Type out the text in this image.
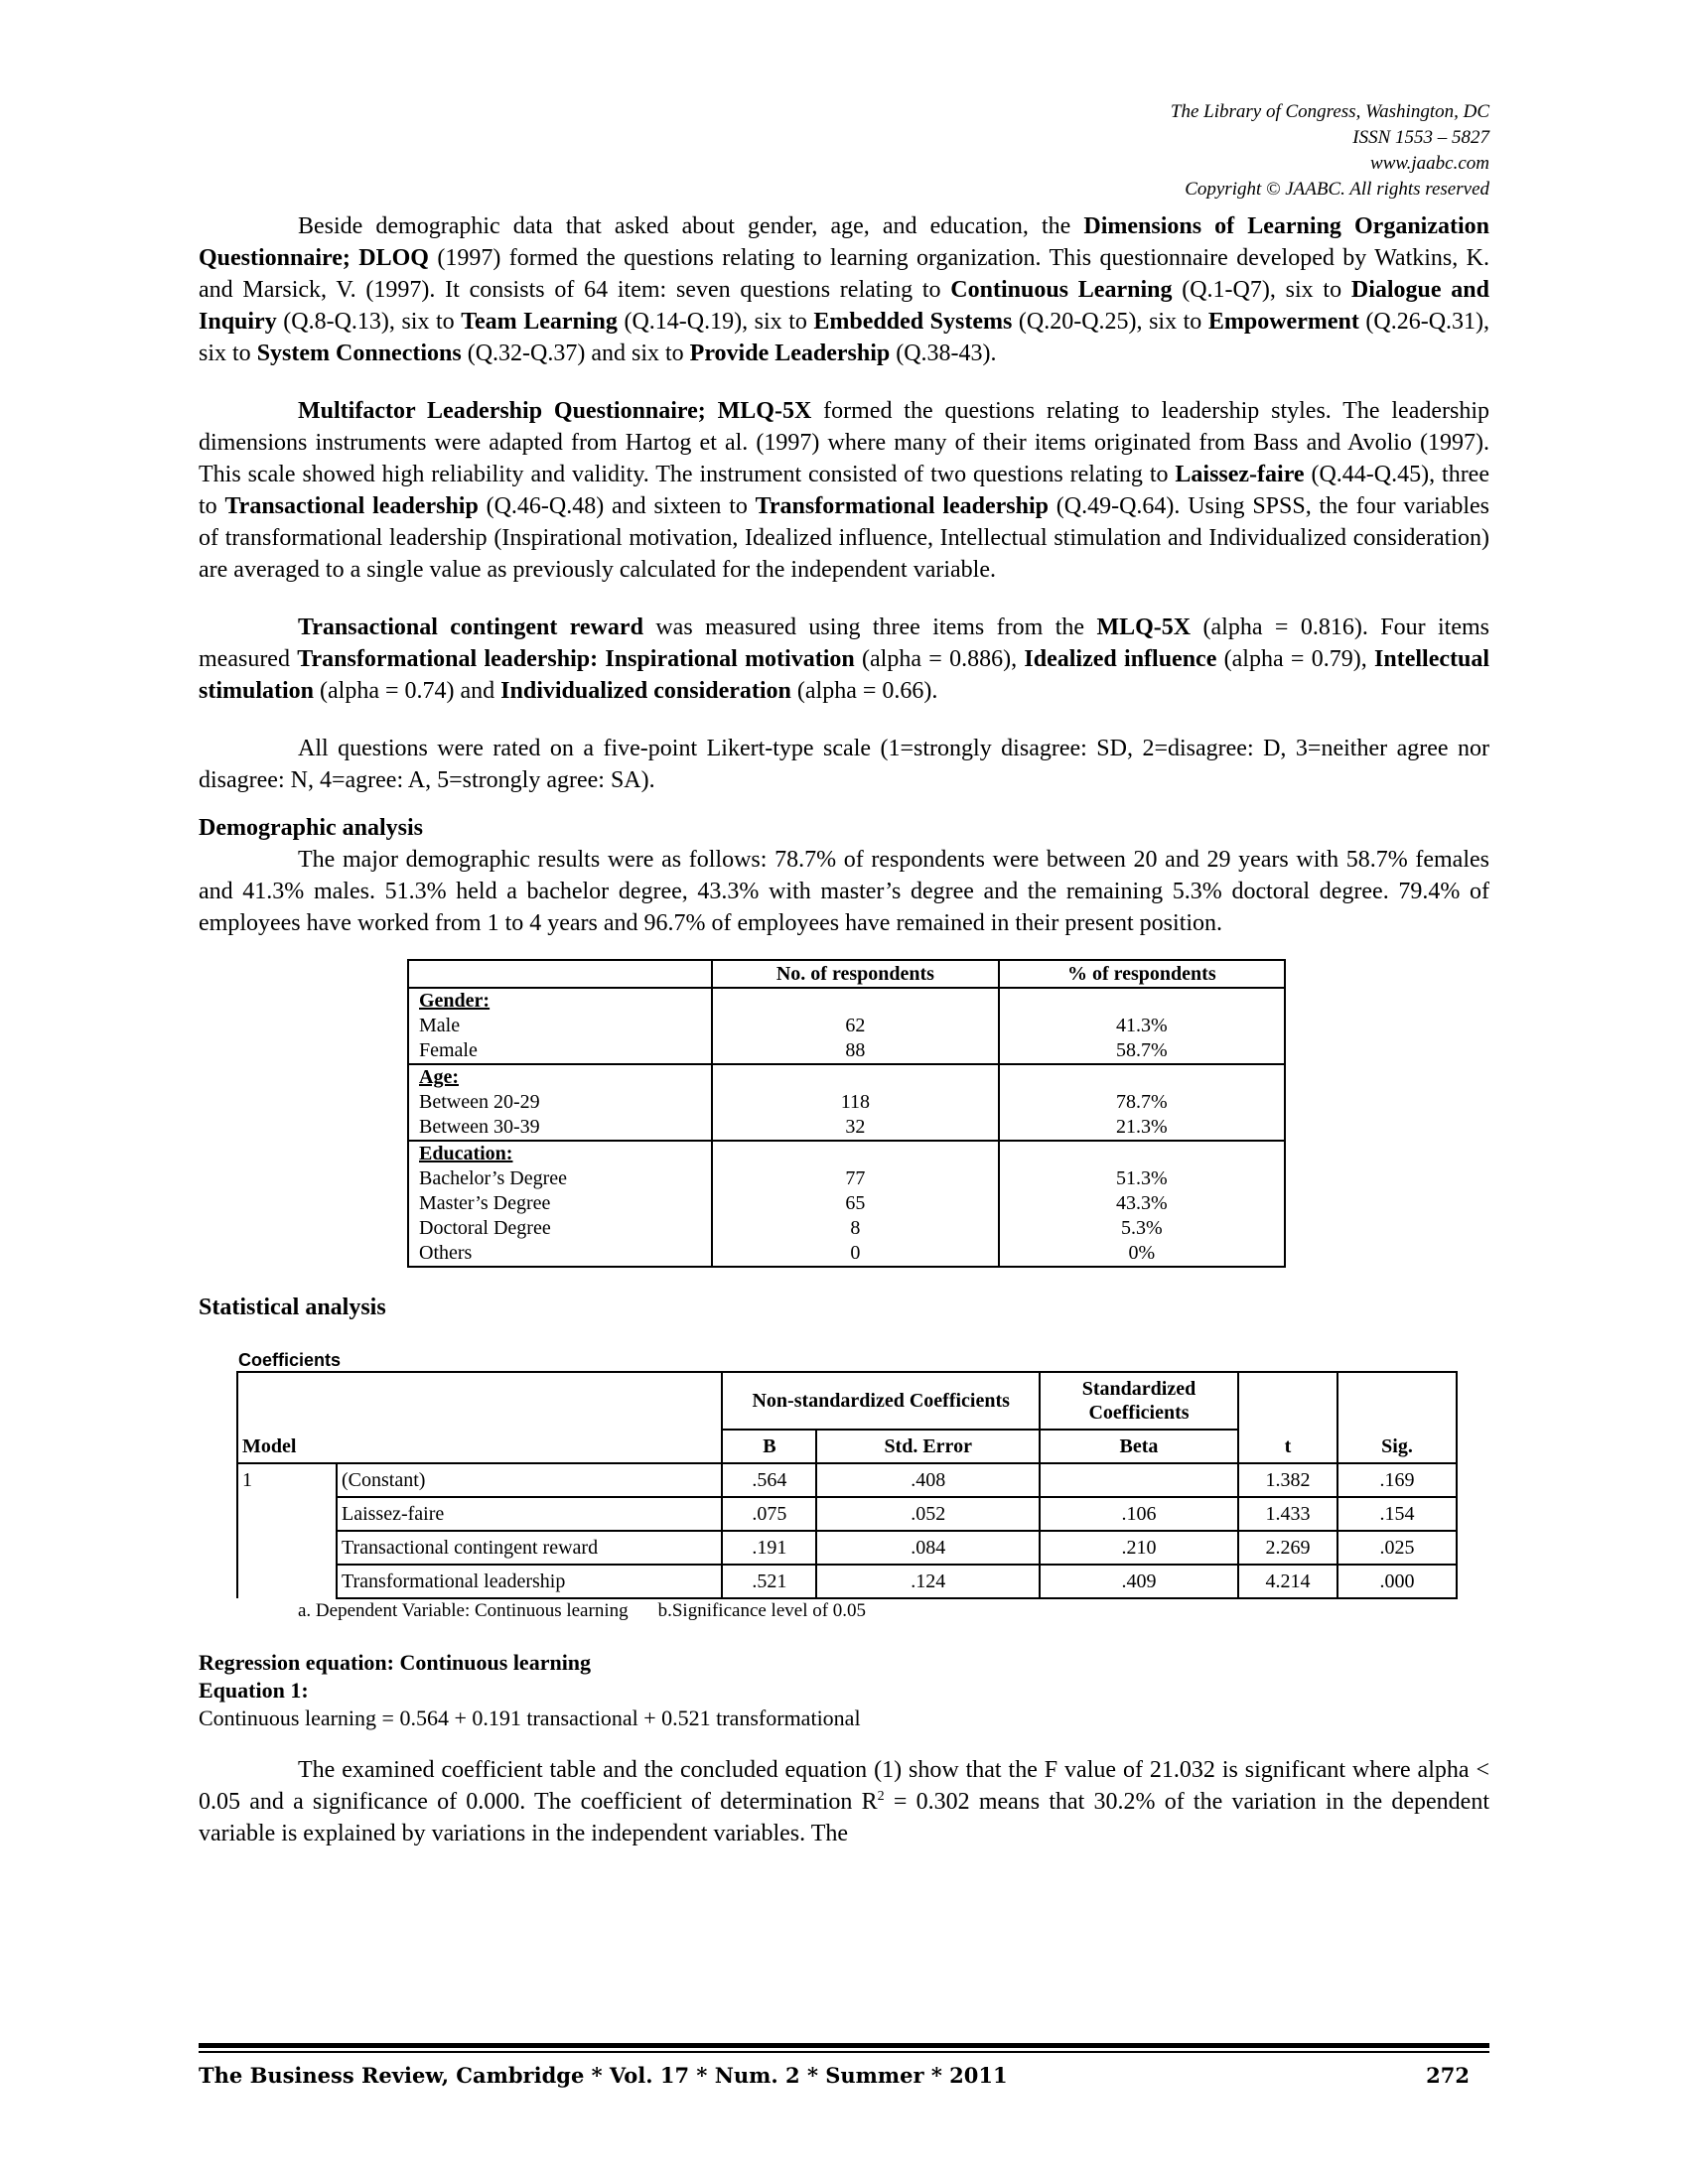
The Library of Congress, Washington, DC
ISSN 1553 – 5827
www.jaabc.com
Copyright © JAABC. All rights reserved

Beside demographic data that asked about gender, age, and education, the Dimensions of Learning Organization Questionnaire; DLOQ (1997) formed the questions relating to learning organization. This questionnaire developed by Watkins, K. and Marsick, V. (1997). It consists of 64 item: seven questions relating to Continuous Learning (Q.1-Q7), six to Dialogue and Inquiry (Q.8-Q.13), six to Team Learning (Q.14-Q.19), six to Embedded Systems (Q.20-Q.25), six to Empowerment (Q.26-Q.31), six to System Connections (Q.32-Q.37) and six to Provide Leadership (Q.38-43).

Multifactor Leadership Questionnaire; MLQ-5X formed the questions relating to leadership styles. The leadership dimensions instruments were adapted from Hartog et al. (1997) where many of their items originated from Bass and Avolio (1997). This scale showed high reliability and validity. The instrument consisted of two questions relating to Laissez-faire (Q.44-Q.45), three to Transactional leadership (Q.46-Q.48) and sixteen to Transformational leadership (Q.49-Q.64). Using SPSS, the four variables of transformational leadership (Inspirational motivation, Idealized influence, Intellectual stimulation and Individualized consideration) are averaged to a single value as previously calculated for the independent variable.

Transactional contingent reward was measured using three items from the MLQ-5X (alpha = 0.816). Four items measured Transformational leadership: Inspirational motivation (alpha = 0.886), Idealized influence (alpha = 0.79), Intellectual stimulation (alpha = 0.74) and Individualized consideration (alpha = 0.66).

All questions were rated on a five-point Likert-type scale (1=strongly disagree: SD, 2=disagree: D, 3=neither agree nor disagree: N, 4=agree: A, 5=strongly agree: SA).

Demographic analysis

The major demographic results were as follows: 78.7% of respondents were between 20 and 29 years with 58.7% females and 41.3% males. 51.3% held a bachelor degree, 43.3% with master’s degree and the remaining 5.3% doctoral degree. 79.4% of employees have worked from 1 to 4 years and 96.7% of employees have remained in their present position.

	No. of respondents	% of respondents
Gender:		
Male	62	41.3%
Female	88	58.7%
Age:		
Between 20-29	118	78.7%
Between 30-39	32	21.3%
Education:		
Bachelor’s Degree	77	51.3%
Master’s Degree	65	43.3%
Doctoral Degree	8	5.3%
Others	0	0%
Statistical analysis
Coefficients
Model		Non-standardized Coefficients		Standardized Coefficients		
		B	Std. Error	Beta	t	Sig.
1	(Constant)	.564	.408		1.382	.169
	Laissez-faire	.075	.052	.106	1.433	.154
	Transactional contingent reward	.191	.084	.210	2.269	.025
	Transformational leadership	.521	.124	.409	4.214	.000
a. Dependent Variable: Continuous learning b.Significance level of 0.05
Regression equation: Continuous learning
Equation 1:

Continuous learning = 0.564 + 0.191 transactional + 0.521 transformational

The examined coefficient table and the concluded equation (1) show that the F value of 21.032 is significant where alpha < 0.05 and a significance of 0.000. The coefficient of determination $R^2 = 0.302$ means that 30.2% of the variation in the dependent variable is explained by variations in the independent variables. The

The Business Review, Cambridge * Vol. 17 * Num. 2 * Summer * 2011	272
